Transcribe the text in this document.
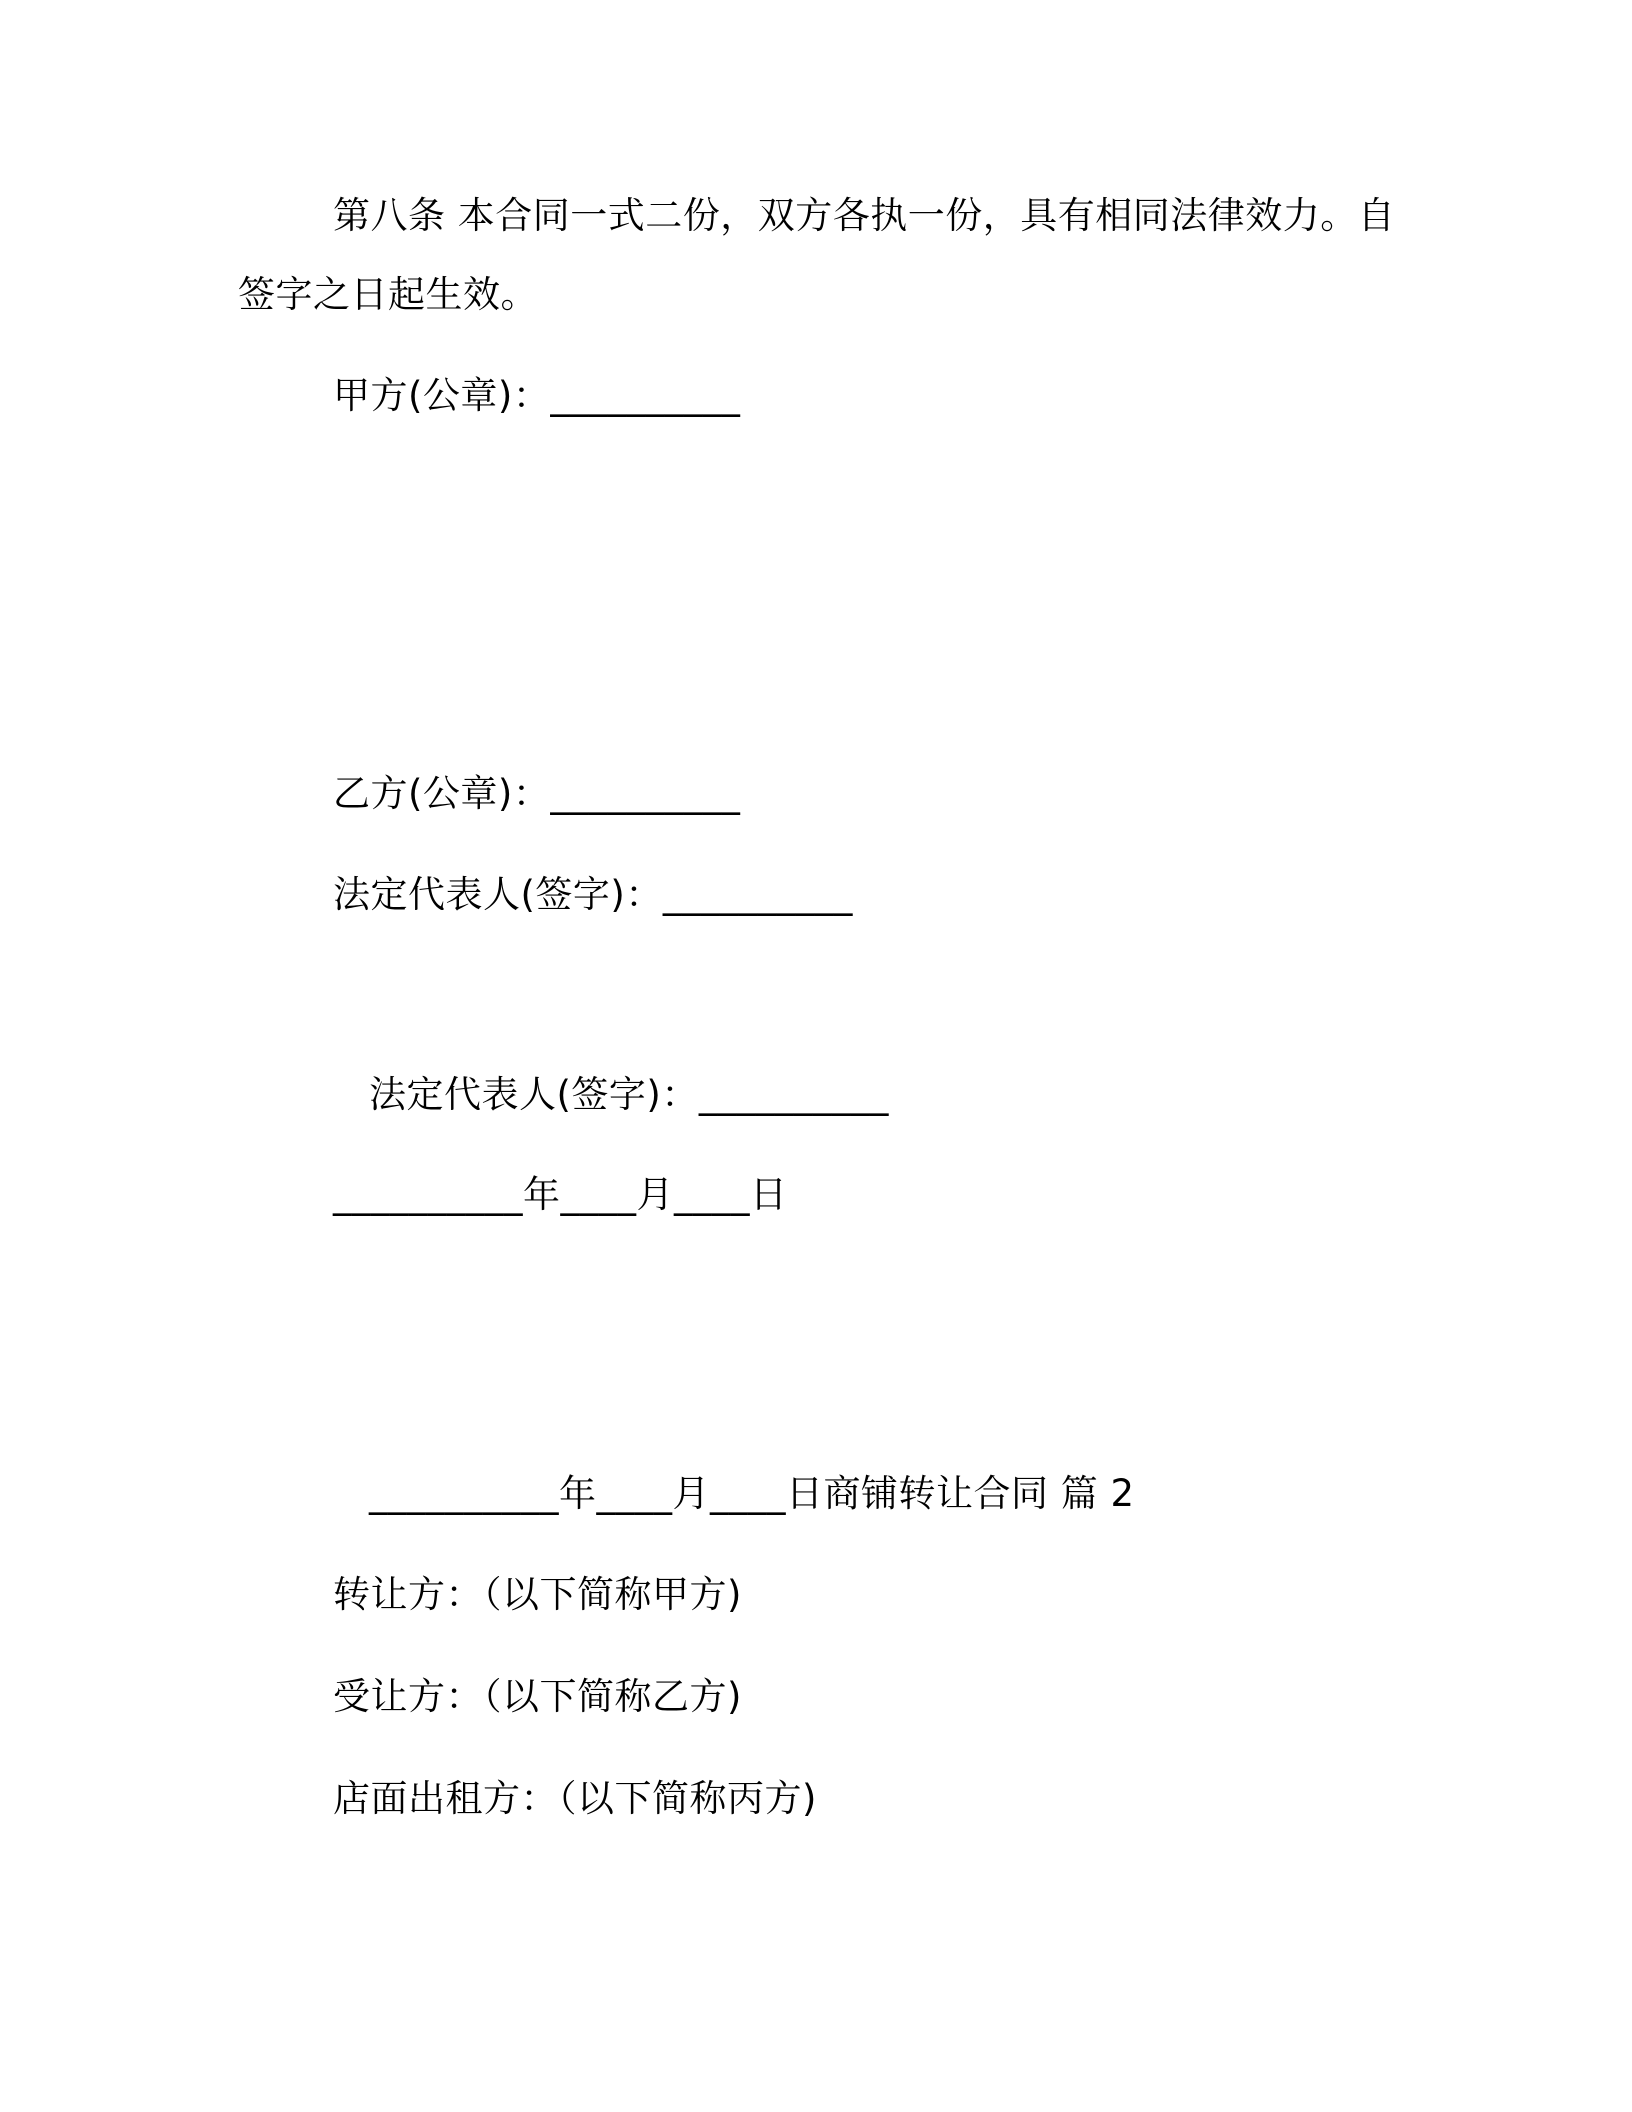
第八条 本合同一式二份，双方各执一份，具有相同法律效力。自
签字之日起生效。
甲方(公章)：__________
乙方(公章)：__________
法定代表人(签字)：__________
法定代表人(签字)：__________
__________年____月____日
__________年____月____日商铺转让合同 篇 2
转让方：（以下简称甲方)
受让方：（以下简称乙方)
店面出租方：（以下简称丙方)
